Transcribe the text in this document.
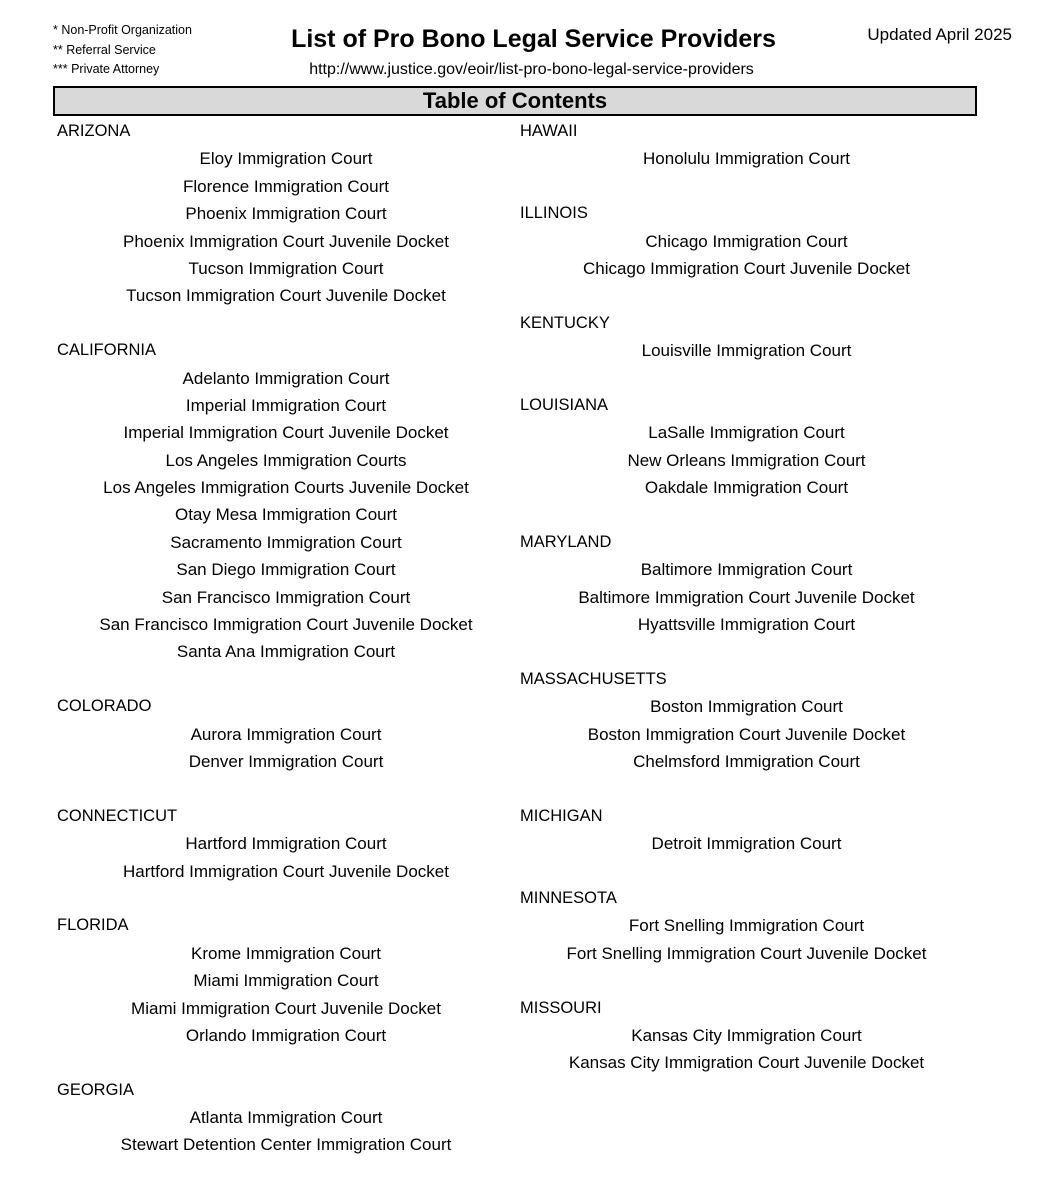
* Non-Profit Organization
** Referral Service
*** Private Attorney
List of Pro Bono Legal Service Providers	Updated April 2025
http://www.justice.gov/eoir/list-pro-bono-legal-service-providers
Table of Contents
ARIZONA
Eloy Immigration Court
Florence Immigration Court
Phoenix Immigration Court
Phoenix Immigration Court Juvenile Docket
Tucson Immigration Court
Tucson Immigration Court Juvenile Docket
CALIFORNIA
Adelanto Immigration Court
Imperial Immigration Court
Imperial Immigration Court Juvenile Docket
Los Angeles Immigration Courts
Los Angeles Immigration Courts Juvenile Docket
Otay Mesa Immigration Court
Sacramento Immigration Court
San Diego Immigration Court
San Francisco Immigration Court
San Francisco Immigration Court Juvenile Docket
Santa Ana Immigration Court
COLORADO
Aurora Immigration Court
Denver Immigration Court
CONNECTICUT
Hartford Immigration Court
Hartford Immigration Court Juvenile Docket
FLORIDA
Krome Immigration Court
Miami Immigration Court
Miami Immigration Court Juvenile Docket
Orlando Immigration Court
GEORGIA
Atlanta Immigration Court
Stewart Detention Center Immigration Court
HAWAII
Honolulu Immigration Court
ILLINOIS
Chicago Immigration Court
Chicago Immigration Court Juvenile Docket
KENTUCKY
Louisville Immigration Court
LOUISIANA
LaSalle Immigration Court
New Orleans Immigration Court
Oakdale Immigration Court
MARYLAND
Baltimore Immigration Court
Baltimore Immigration Court Juvenile Docket
Hyattsville Immigration Court
MASSACHUSETTS
Boston Immigration Court
Boston Immigration Court Juvenile Docket
Chelmsford Immigration Court
MICHIGAN
Detroit Immigration Court
MINNESOTA
Fort Snelling Immigration Court
Fort Snelling Immigration Court Juvenile Docket
MISSOURI
Kansas City Immigration Court
Kansas City Immigration Court Juvenile Docket
